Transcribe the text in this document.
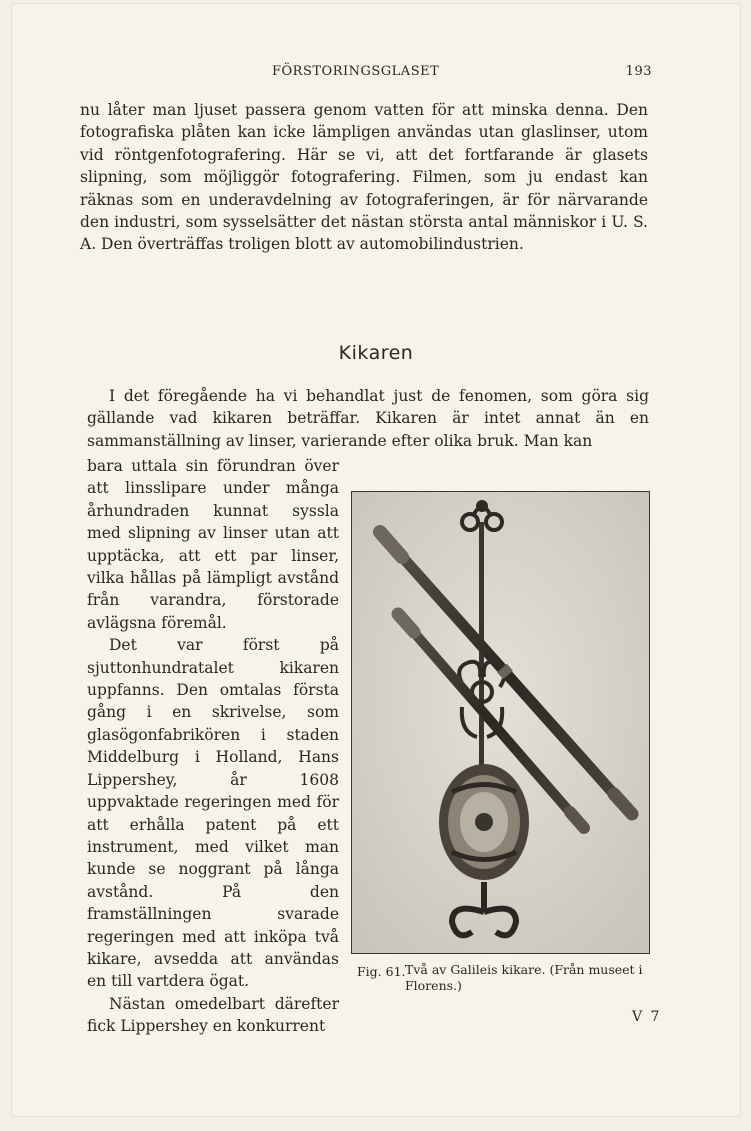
FÖRSTORINGSGLASET	193
nu låter man ljuset passera genom vatten för att minska denna. Den fotografiska plåten kan icke lämpligen användas utan glaslinser, utom vid röntgenfotografering. Här se vi, att det fortfarande är glasets slipning, som möjliggör fotografering. Filmen, som ju endast kan räknas som en underavdelning av fotograferingen, är för närvarande den industri, som sysselsätter det nästan största antal människor i U. S. A. Den överträffas troligen blott av automobilindustrien.
Kikaren
I det föregående ha vi behandlat just de fenomen, som göra sig gällande vad kikaren beträffar. Kikaren är intet annat än en sammanställning av linser, varierande efter olika bruk. Man kan

bara uttala sin förundran över att linsslipare under många århundraden kunnat syssla med slipning av linser utan att upptäcka, att ett par linser, vilka hållas på lämpligt avstånd från varandra, förstorade avlägsna föremål.

Det var först på sjuttonhundratalet kikaren uppfanns. Den omtalas första gång i en skrivelse, som glasögonfabrikören i staden Middelburg i Holland, Hans Lippershey, år 1608 uppvaktade regeringen med för att erhålla patent på ett instrument, med vilket man kunde se noggrant på långa avstånd. På den framställningen svarade regeringen med att inköpa två kikare, avsedda att användas en till vartdera ögat.

Nästan omedelbart därefter fick Lippershey en konkurrent

Fig. 61. Två av Galileis kikare. (Från museet i Florens.)
V 7
